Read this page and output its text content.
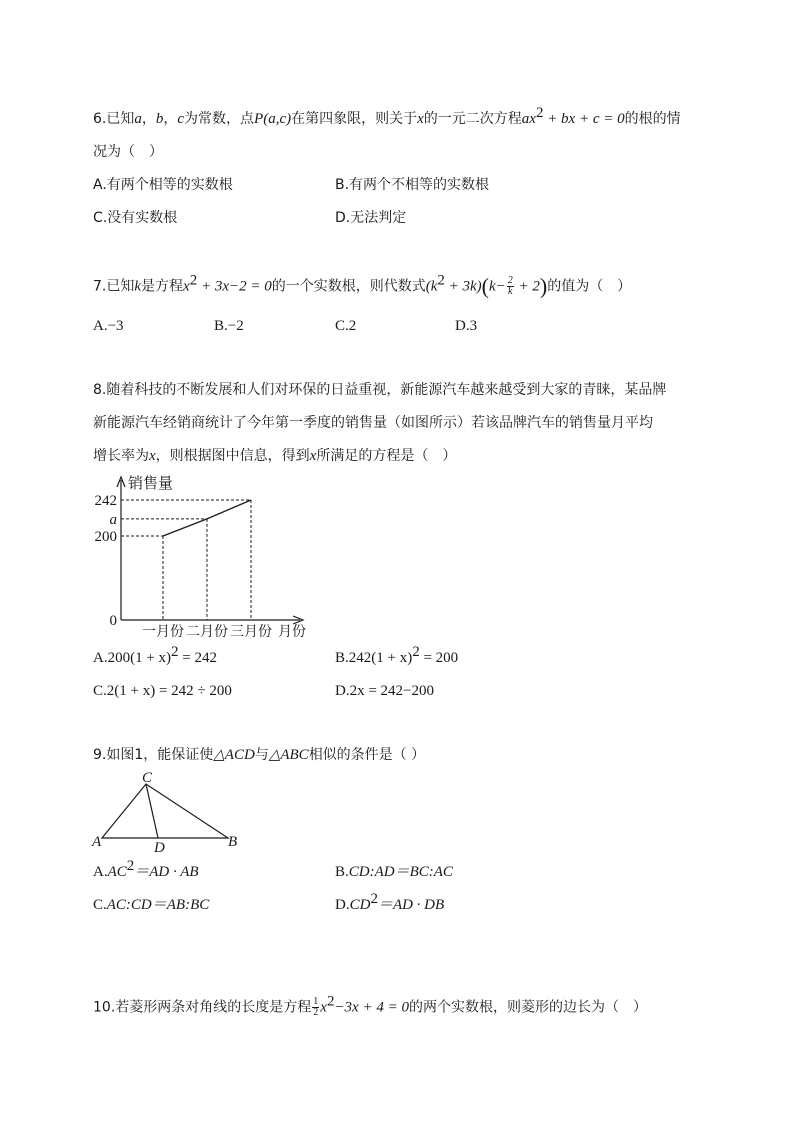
6.已知a，b，c为常数，点P(a,c)在第四象限，则关于x的一元二次方程$ax^2$ + bx + c = 0的根的情
况为（　）
A.有两个相等的实数根	B.有两个不相等的实数根
C.没有实数根	D.无法判定
7.已知k是方程$x^2 + 3x-2 = 0$的一个实数根，则代数式$(k^2 + 3k)(k- \frac{2}{k} + 2)$的值为（　）
A.−3	B.−2	C.2	D.3
8.随着科技的不断发展和人们对环保的日益重视，新能源汽车越来越受到大家的青睐，某品牌
新能源汽车经销商统计了今年第一季度的销售量（如图所示）若该品牌汽车的销售量月平均
增长率为x，则根据图中信息，得到x所满足的方程是（　）
销售量
月份
0
200
a
242
一月份 二月份 三月份
$A.200(1 + x)^2 = 242$	$B.242(1 + x)^2 = 200$
C.2(1 + x) = 242 ÷ 200	D.2x = 242−200
9.如图1，能保证使△ACD与△ABC相似的条件是（ ）
C
A	D	B
$A.AC^2=AD$ · AB	B.CD:AD＝BC:AC
C.AC:CD＝AB:BC	$D.CD^2=AD$ · DB
10.若菱形两条对角线的长度是方程 $\frac{1}{2} x^2-3x + 4 = 0$的两个实数根，则菱形的边长为（　）
